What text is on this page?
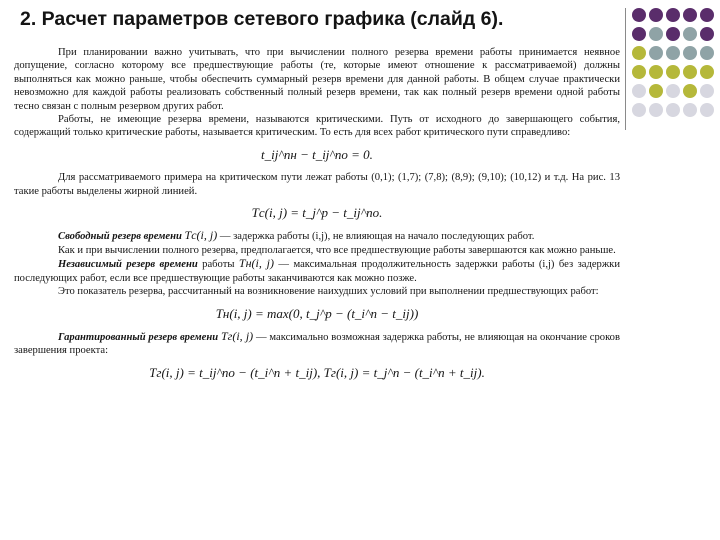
2. Расчет параметров сетевого графика (слайд 6).

При планировании важно учитывать, что при вычислении полного резерва времени работы принимается неявное допущение, согласно которому все предшествующие работы (те, которые имеют отношение к рассматриваемой) должны выполняться как можно раньше, чтобы обеспечить суммарный резерв времени для данной работы. В общем случае практически невозможно для каждой работы реализовать собственный полный резерв времени, так как полный резерв времени одной работы тесно связан с полным резервом других работ.

Работы, не имеющие резерва времени, называются критическими. Путь от исходного до завершающего события, содержащий только критические работы, называется критическим. То есть для всех работ критического пути справедливо:

t_ij^пн − t_ij^по = 0.

Для рассматриваемого примера на критическом пути лежат работы (0,1); (1,7); (7,8); (8,9); (9,10); (10,12) и т.д. На рис. 13 такие работы выделены жирной линией.

Tс(i, j) = t_j^р − t_ij^по.

Свободный резерв времени Tс(i, j) — задержка работы (i,j), не влияющая на начало последующих работ.

Как и при вычислении полного резерва, предполагается, что все предшествующие работы завершаются как можно раньше.

Независимый резерв времени работы Tн(i, j) — максимальная продолжительность задержки работы (i,j) без задержки последующих работ, если все предшествующие работы заканчиваются как можно позже.

Это показатель резерва, рассчитанный на возникновение наихудших условий при выполнении предшествующих работ:

Tн(i, j) = max(0, t_j^р − (t_i^п − t_ij))

Гарантированный резерв времени Tг(i, j) — максимально возможная задержка работы, не влияющая на окончание сроков завершения проекта:

Tг(i, j) = t_ij^по − (t_i^п + t_ij), Tг(i, j) = t_j^п − (t_i^п + t_ij).
